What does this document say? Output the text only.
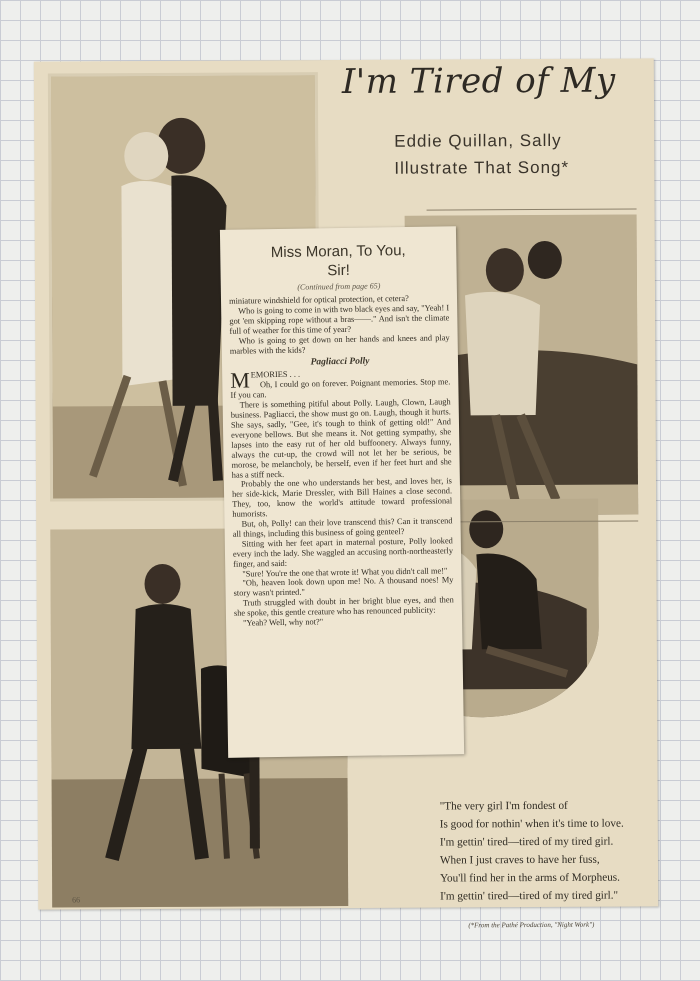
I'm Tired of My
Eddie Quillan, Sally
Illustrate That Song*
Miss Moran, To You,
Sir!
(Continued from page 65)

miniature windshield for optical protection, et cetera?

Who is going to come in with two black eyes and say, "Yeah! I got 'em skipping rope without a bras——." And isn't the climate full of weather for this time of year?

Who is going to get down on her hands and knees and play marbles with the kids?

Pagliacci Polly

MEMORIES . . .

Oh, I could go on forever. Poignant memories. Stop me. If you can.

There is something pitiful about Polly. Laugh, Clown, Laugh business. Pagliacci, the show must go on. Laugh, though it hurts. She says, sadly, "Gee, it's tough to think of getting old!" And everyone bellows. But she means it. Not getting sympathy, she lapses into the easy rut of her old buffoonery. Always funny, always the cut-up, the crowd will not let her be serious, be morose, be melancholy, be herself, even if her feet hurt and she has a stiff neck.

Probably the one who understands her best, and loves her, is her side-kick, Marie Dressler, with Bill Haines a close second. They, too, know the world's attitude toward professional humorists.

But, oh, Polly! can their love transcend this? Can it transcend all things, including this business of going genteel?

Sitting with her feet apart in maternal posture, Polly looked every inch the lady. She waggled an accusing north-northeasterly finger, and said:

"Sure! You're the one that wrote it! What you didn't call me!"

"Oh, heaven look down upon me! No. A thousand noes! My story wasn't printed."

Truth struggled with doubt in her bright blue eyes, and then she spoke, this gentle creature who has renounced publicity:

"Yeah? Well, why not?"

"The very girl I'm fondest of
Is good for nothin' when it's time to love.
I'm gettin' tired—tired of my tired girl.
When I just craves to have her fuss,
You'll find her in the arms of Morpheus.
I'm gettin' tired—tired of my tired girl."
(*From the Pathé Production, "Night Work")
66
